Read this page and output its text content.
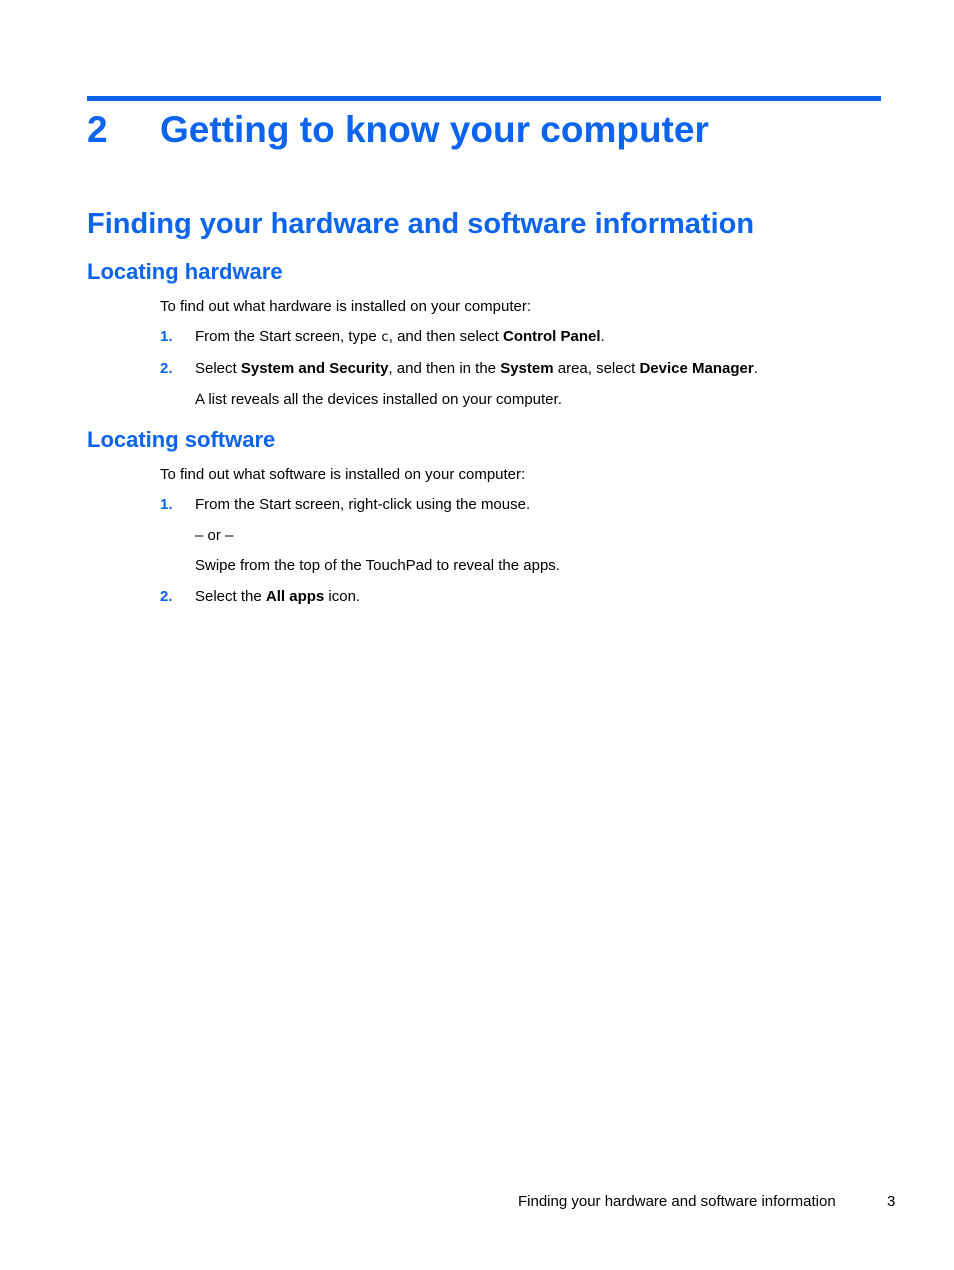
2 Getting to know your computer
Finding your hardware and software information
Locating hardware

To find out what hardware is installed on your computer:

1. From the Start screen, type c, and then select Control Panel.

2. Select System and Security, and then in the System area, select Device Manager.

A list reveals all the devices installed on your computer.

Locating software

To find out what software is installed on your computer:

1. From the Start screen, right-click using the mouse.

– or –

Swipe from the top of the TouchPad to reveal the apps.

2. Select the All apps icon.

Finding your hardware and software information	3
